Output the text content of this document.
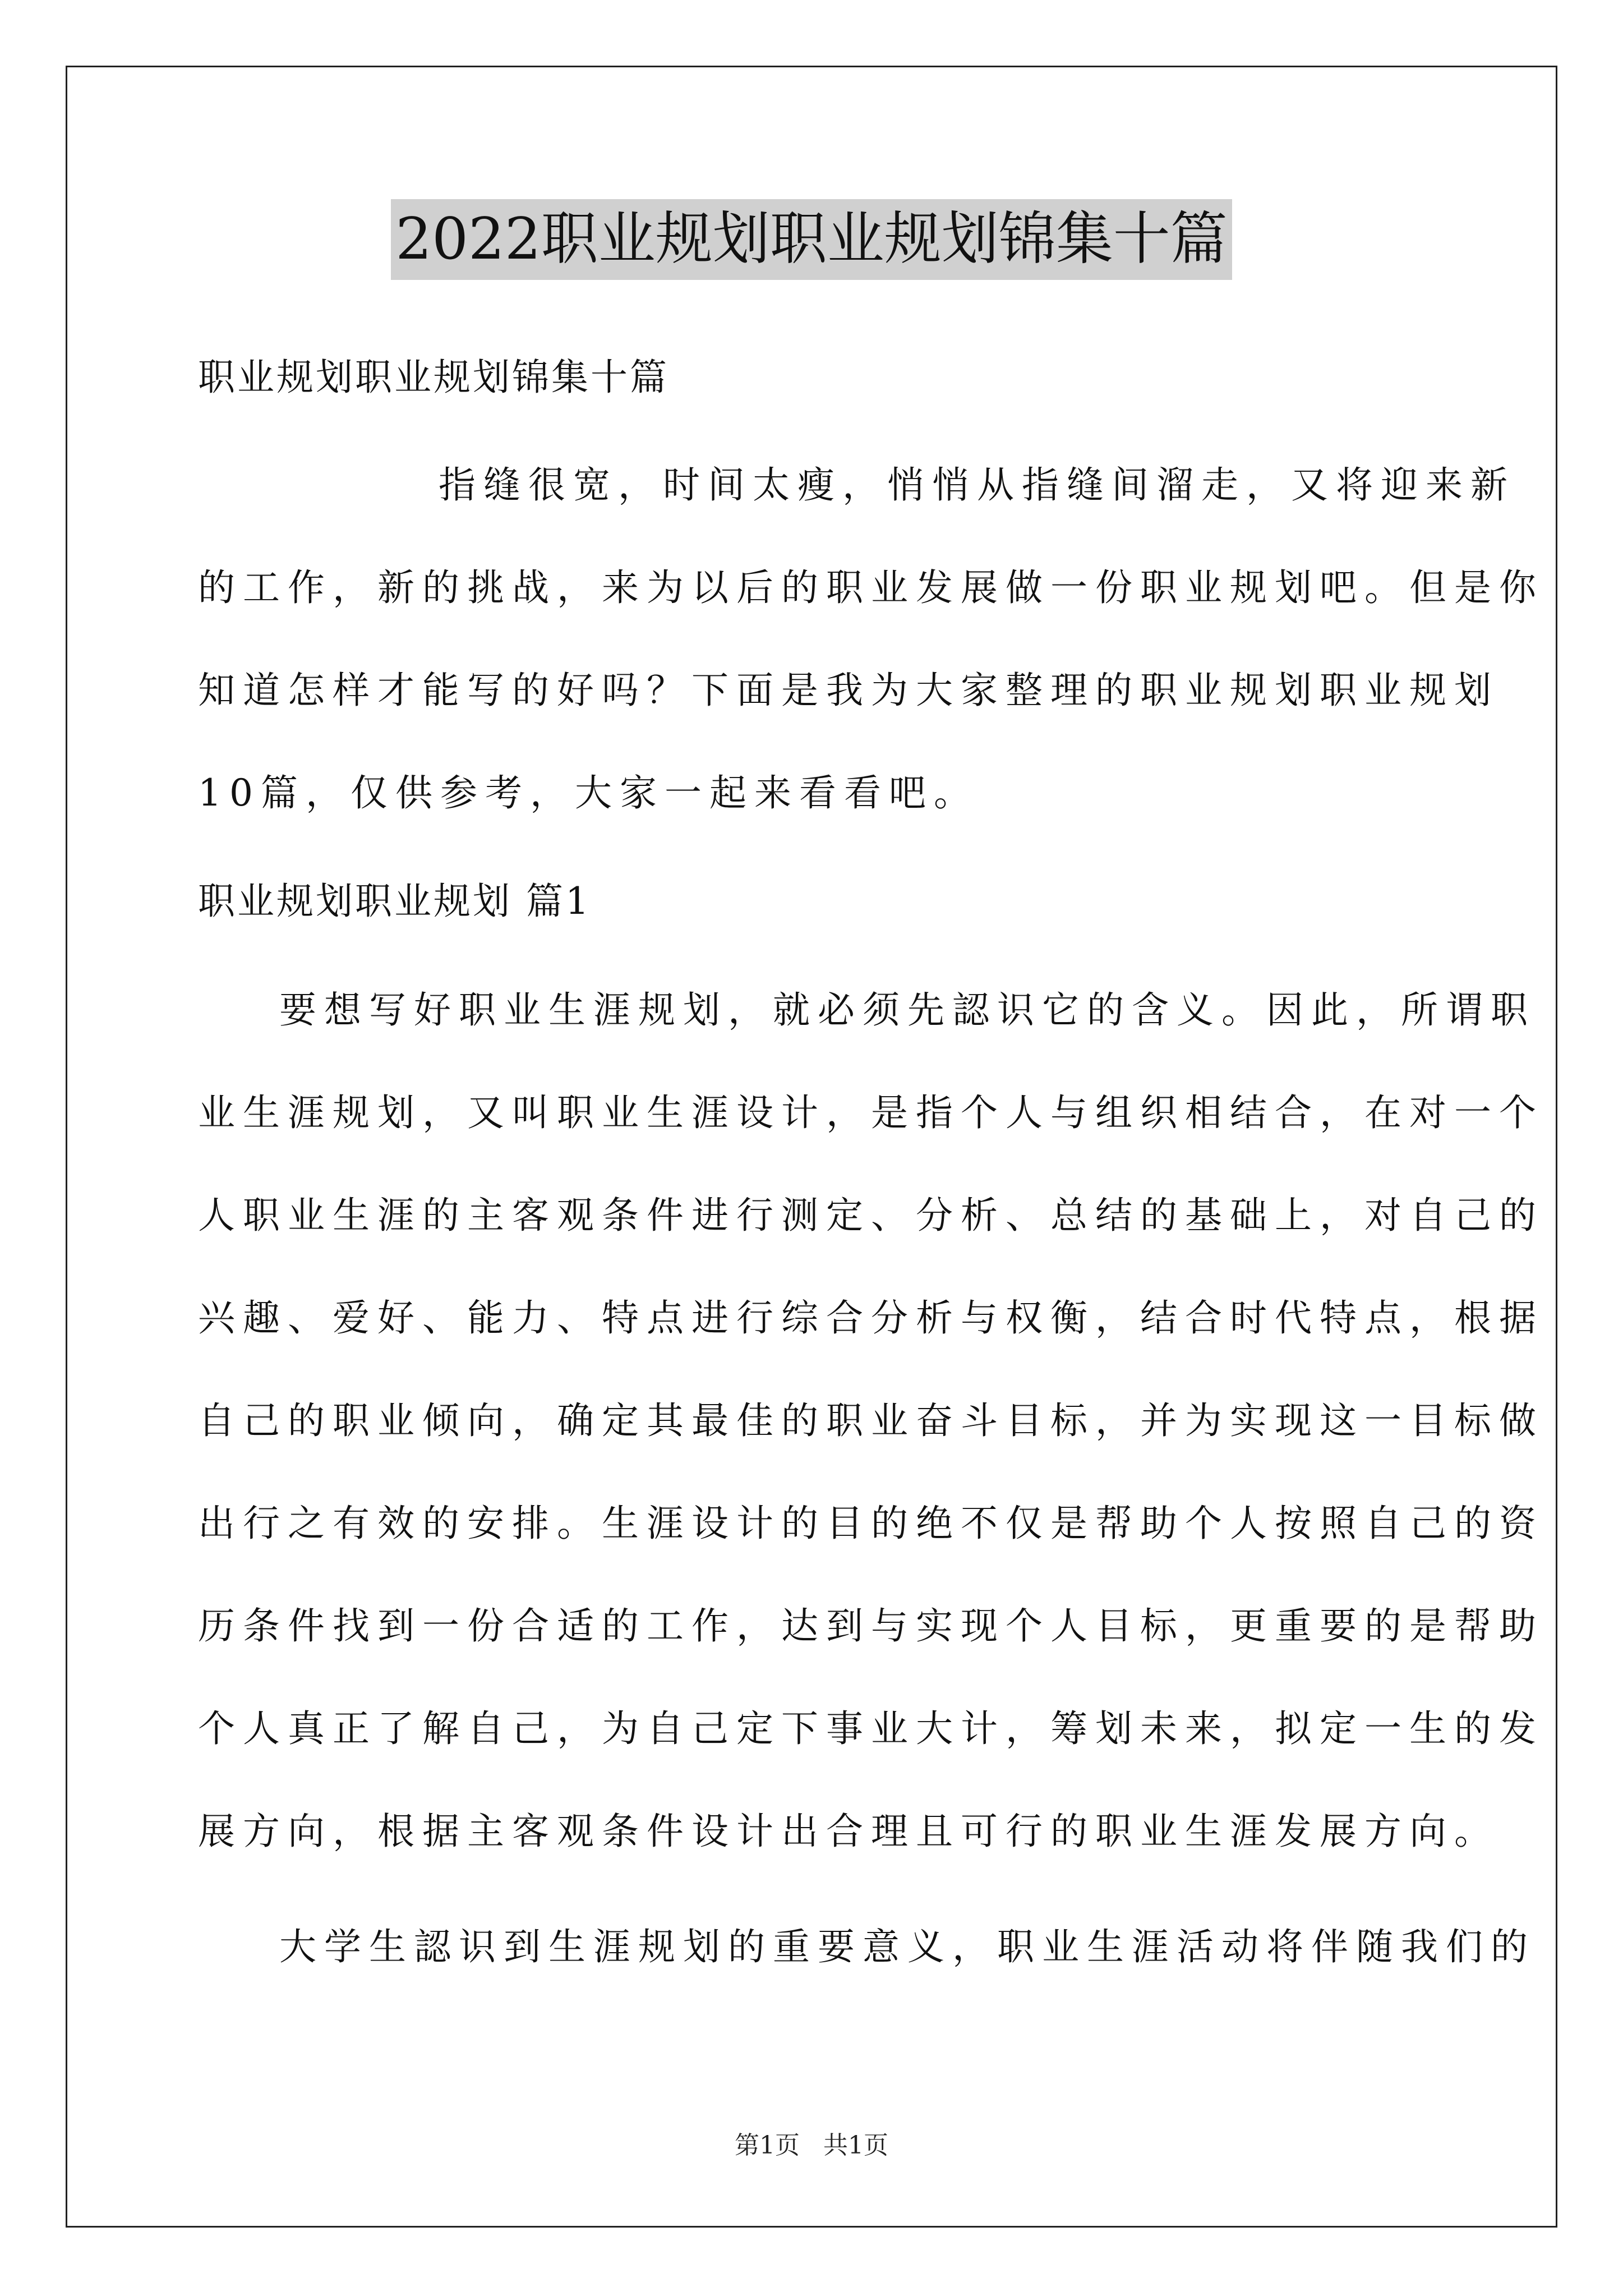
2022职业规划职业规划锦集十篇
职业规划职业规划锦集十篇
指缝很宽，时间太瘦，悄悄从指缝间溜走，又将迎来新
的工作，新的挑战，来为以后的职业发展做一份职业规划吧。但是你
知道怎样才能写的好吗？下面是我为大家整理的职业规划职业规划
10篇，仅供参考，大家一起来看看吧。
职业规划职业规划 篇1
要想写好职业生涯规划，就必须先認识它的含义。因此，所谓职
业生涯规划，又叫职业生涯设计，是指个人与组织相结合，在对一个
人职业生涯的主客观条件进行测定、分析、总结的基础上，对自己的
兴趣、爱好、能力、特点进行综合分析与权衡，结合时代特点，根据
自己的职业倾向，确定其最佳的职业奋斗目标，并为实现这一目标做
出行之有效的安排。生涯设计的目的绝不仅是帮助个人按照自己的资
历条件找到一份合适的工作，达到与实现个人目标，更重要的是帮助
个人真正了解自己，为自己定下事业大计，筹划未来，拟定一生的发
展方向，根据主客观条件设计出合理且可行的职业生涯发展方向。
大学生認识到生涯规划的重要意义，职业生涯活动将伴随我们的
第1页   共1页
